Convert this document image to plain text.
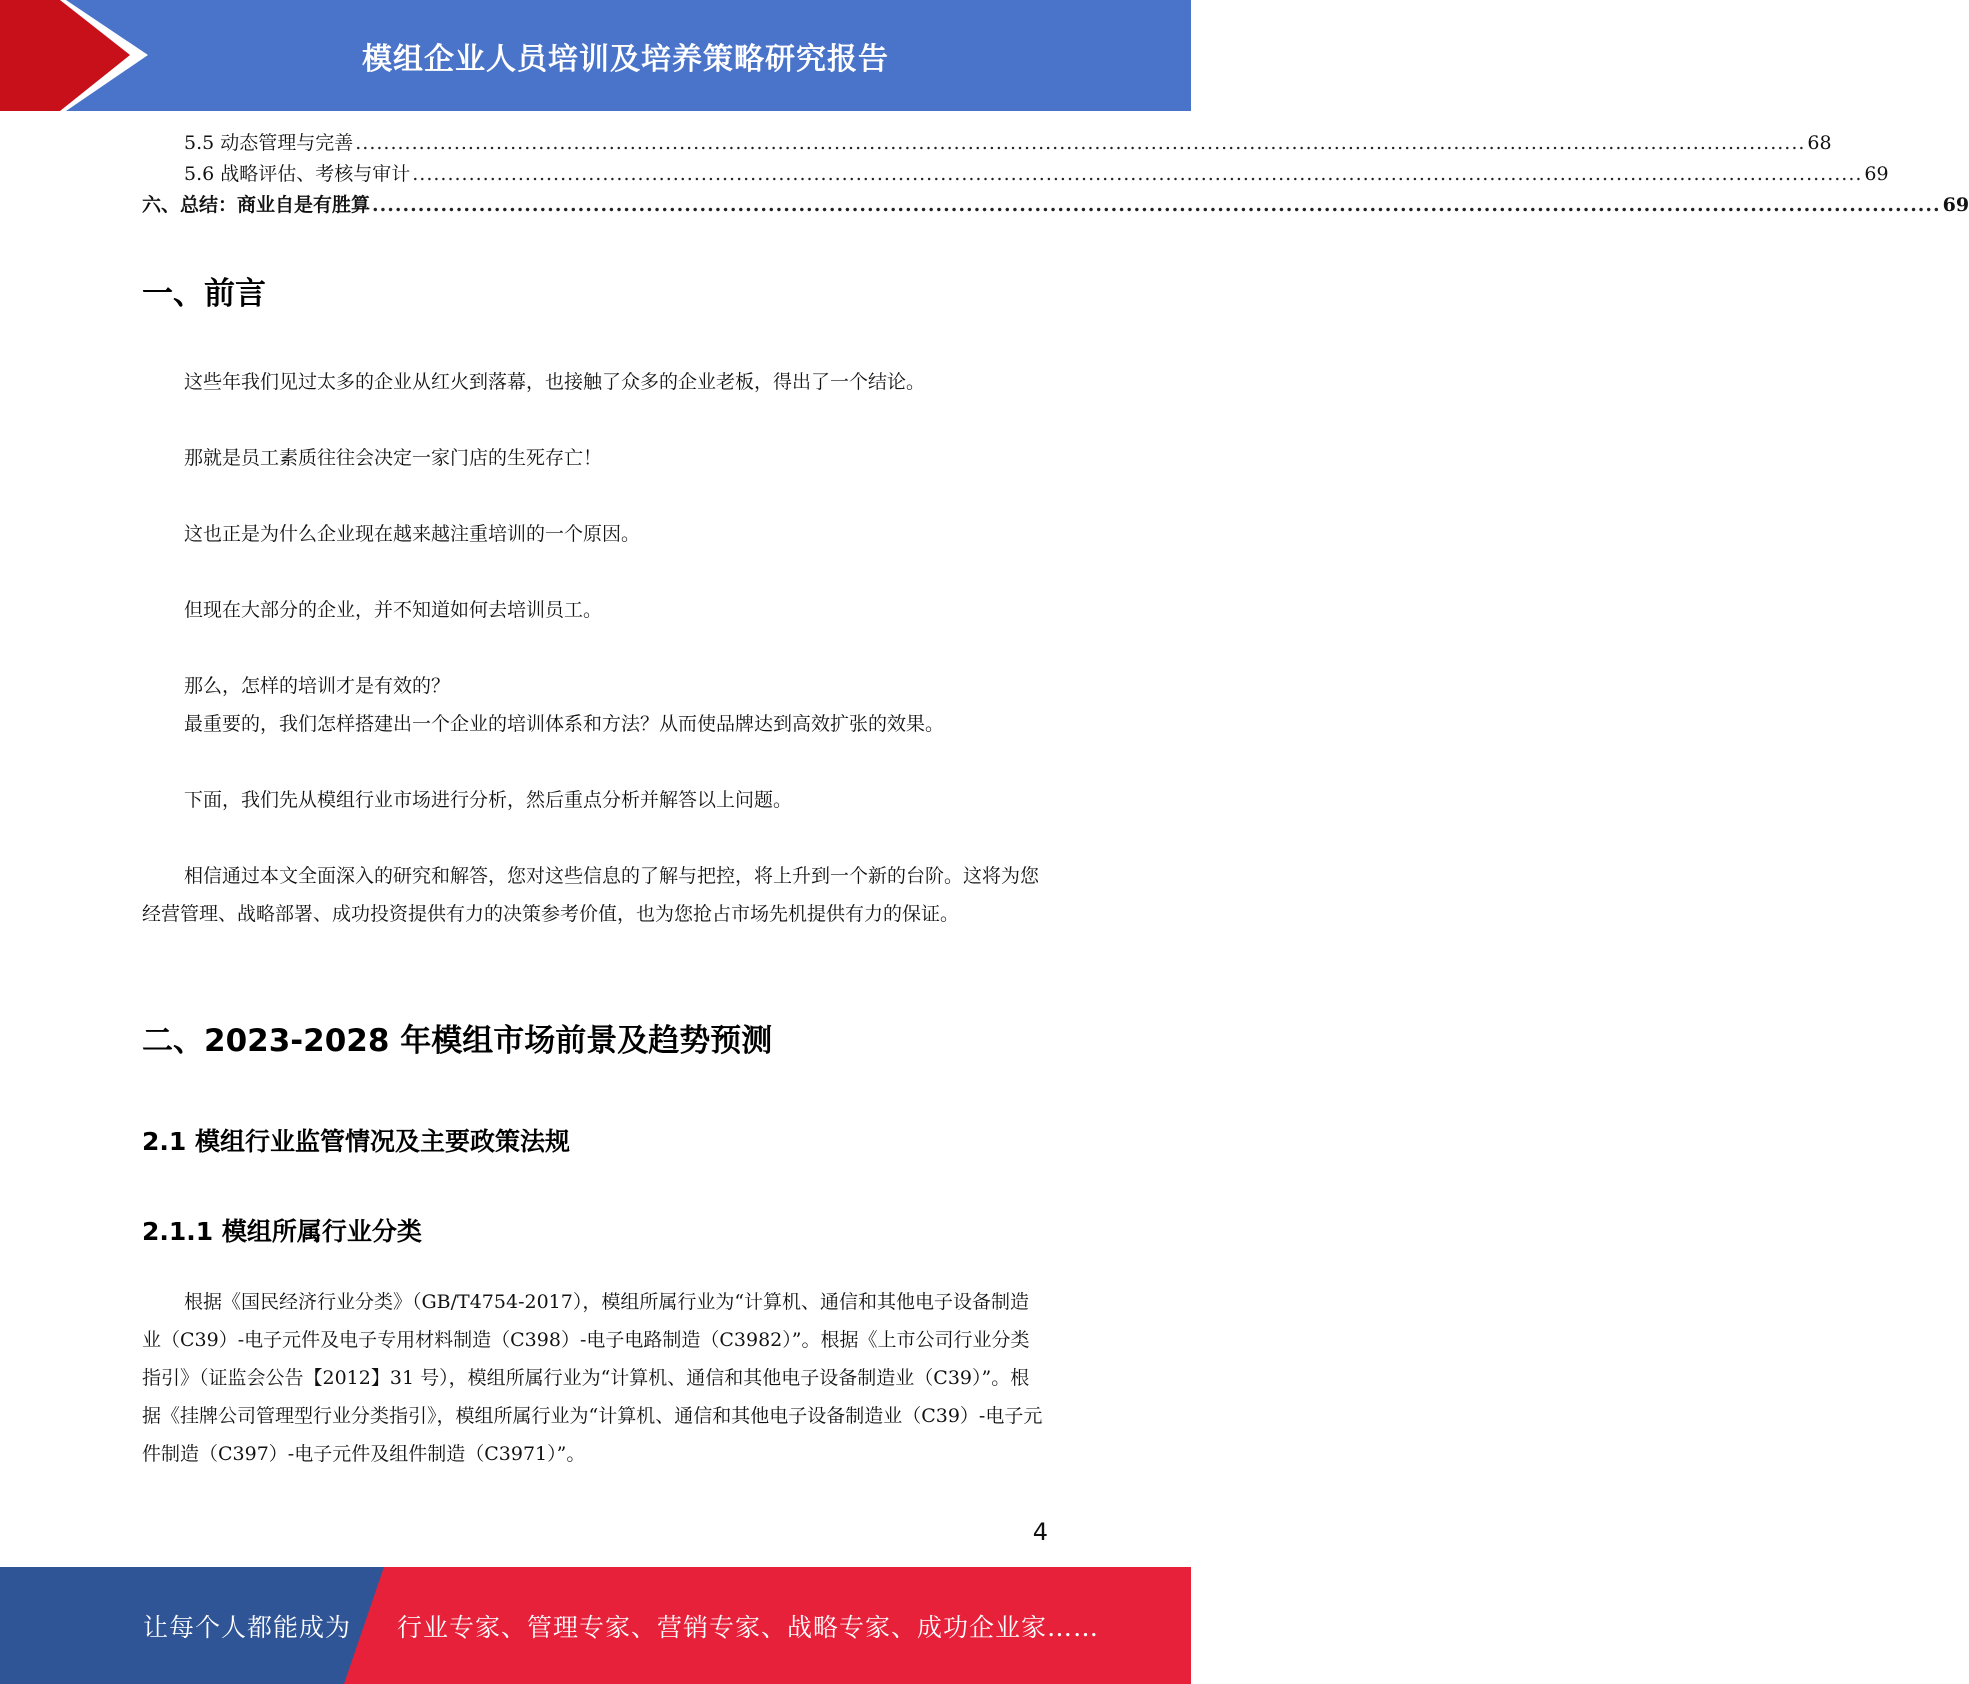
模组企业人员培训及培养策略研究报告
5.5 动态管理与完善 .............................................................................................................................................................................................................. 68
5.6 战略评估、考核与审计 .............................................................................................................................................................................................................. 69
六、总结：商业自是有胜算 .............................................................................................................................................................................................................. 69
一、前言

这些年我们见过太多的企业从红火到落幕，也接触了众多的企业老板，得出了一个结论。

那就是员工素质往往会决定一家门店的生死存亡！

这也正是为什么企业现在越来越注重培训的一个原因。

但现在大部分的企业，并不知道如何去培训员工。

那么，怎样的培训才是有效的？

最重要的，我们怎样搭建出一个企业的培训体系和方法？从而使品牌达到高效扩张的效果。

下面，我们先从模组行业市场进行分析，然后重点分析并解答以上问题。

相信通过本文全面深入的研究和解答，您对这些信息的了解与把控，将上升到一个新的台阶。这将为您经营管理、战略部署、成功投资提供有力的决策参考价值，也为您抢占市场先机提供有力的保证。

二、2023-2028 年模组市场前景及趋势预测
2.1 模组行业监管情况及主要政策法规
2.1.1 模组所属行业分类

根据《国民经济行业分类》（GB/T4754-2017），模组所属行业为“计算机、通信和其他电子设备制造业（C39）-电子元件及电子专用材料制造（C398）-电子电路制造（C3982）”。根据《上市公司行业分类指引》（证监会公告【2012】31 号），模组所属行业为“计算机、通信和其他电子设备制造业（C39）”。根据《挂牌公司管理型行业分类指引》，模组所属行业为“计算机、通信和其他电子设备制造业（C39）-电子元件制造（C397）-电子元件及组件制造（C3971）”。

4
让每个人都能成为 行业专家、管理专家、营销专家、战略专家、成功企业家……
